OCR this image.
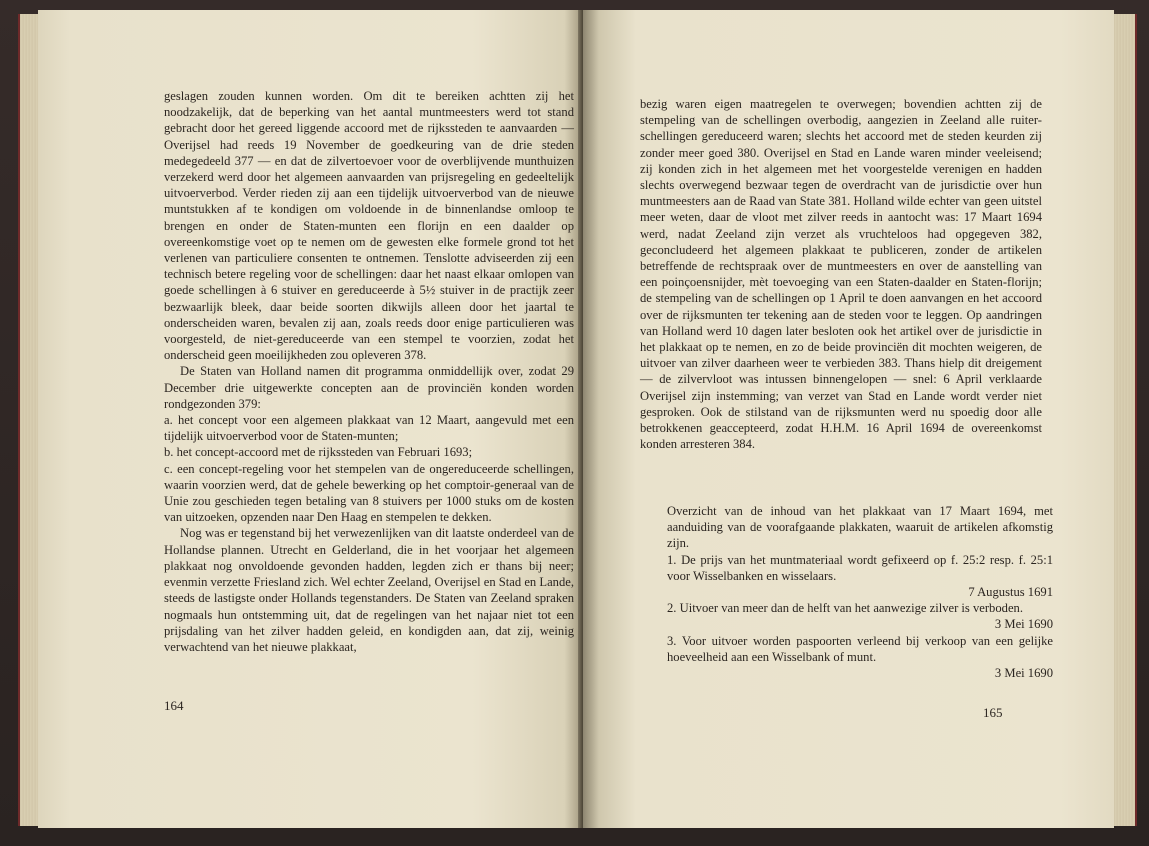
geslagen zouden kunnen worden. Om dit te bereiken achtten zij het noodzakelijk, dat de beperking van het aantal muntmeesters werd tot stand gebracht door het gereed liggende accoord met de rijkssteden te aanvaarden — Overijsel had reeds 19 November de goedkeuring van de drie steden medegedeeld 377 — en dat de zilvertoevoer voor de overblijvende munthuizen verzekerd werd door het algemeen aanvaarden van prijsregeling en gedeeltelijk uitvoerverbod. Verder rieden zij aan een tijdelijk uitvoerverbod van de nieuwe muntstukken af te kondigen om voldoende in de binnenlandse omloop te brengen en onder de Staten-munten een florijn en een daalder op overeenkomstige voet op te nemen om de gewesten elke formele grond tot het verlenen van particuliere consenten te ontnemen. Tenslotte adviseerden zij een technisch betere regeling voor de schellingen: daar het naast elkaar omlopen van goede schellingen à 6 stuiver en gereduceerde à 5½ stuiver in de practijk zeer bezwaarlijk bleek, daar beide soorten dikwijls alleen door het jaartal te onderscheiden waren, bevalen zij aan, zoals reeds door enige particulieren was voorgesteld, de niet-gereduceerde van een stempel te voorzien, zodat het onderscheid geen moeilijkheden zou opleveren 378.

De Staten van Holland namen dit programma onmiddellijk over, zodat 29 December drie uitgewerkte concepten aan de provinciën konden worden rondgezonden 379:

a. het concept voor een algemeen plakkaat van 12 Maart, aangevuld met een tijdelijk uitvoerverbod voor de Staten-munten;

b. het concept-accoord met de rijkssteden van Februari 1693;

c. een concept-regeling voor het stempelen van de ongereduceerde schellingen, waarin voorzien werd, dat de gehele bewerking op het comptoir-generaal van de Unie zou geschieden tegen betaling van 8 stuivers per 1000 stuks om de kosten van uitzoeken, opzenden naar Den Haag en stempelen te dekken.

Nog was er tegenstand bij het verwezenlijken van dit laatste onderdeel van de Hollandse plannen. Utrecht en Gelderland, die in het voorjaar het algemeen plakkaat nog onvoldoende gevonden hadden, legden zich er thans bij neer; evenmin verzette Friesland zich. Wel echter Zeeland, Overijsel en Stad en Lande, steeds de lastigste onder Hollands tegenstanders. De Staten van Zeeland spraken nogmaals hun ontstemming uit, dat de regelingen van het najaar niet tot een prijsdaling van het zilver hadden geleid, en kondigden aan, dat zij, weinig verwachtend van het nieuwe plakkaat,

164

bezig waren eigen maatregelen te overwegen; bovendien achtten zij de stempeling van de schellingen overbodig, aangezien in Zeeland alle ruiter-schellingen gereduceerd waren; slechts het accoord met de steden keurden zij zonder meer goed 380. Overijsel en Stad en Lande waren minder veeleisend; zij konden zich in het algemeen met het voorgestelde verenigen en hadden slechts overwegend bezwaar tegen de overdracht van de jurisdictie over hun muntmeesters aan de Raad van State 381. Holland wilde echter van geen uitstel meer weten, daar de vloot met zilver reeds in aantocht was: 17 Maart 1694 werd, nadat Zeeland zijn verzet als vruchteloos had opgegeven 382, geconcludeerd het algemeen plakkaat te publiceren, zonder de artikelen betreffende de rechtspraak over de muntmeesters en over de aanstelling van een poinçoensnijder, mèt toevoeging van een Staten-daalder en Staten-florijn; de stempeling van de schellingen op 1 April te doen aanvangen en het accoord over de rijksmunten ter tekening aan de steden voor te leggen. Op aandringen van Holland werd 10 dagen later besloten ook het artikel over de jurisdictie in het plakkaat op te nemen, en zo de beide provinciën dit mochten weigeren, de uitvoer van zilver daarheen weer te verbieden 383. Thans hielp dit dreigement — de zilvervloot was intussen binnengelopen — snel: 6 April verklaarde Overijsel zijn instemming; van verzet van Stad en Lande wordt verder niet gesproken. Ook de stilstand van de rijksmunten werd nu spoedig door alle betrokkenen geaccepteerd, zodat H.H.M. 16 April 1694 de overeenkomst konden arresteren 384.

Overzicht van de inhoud van het plakkaat van 17 Maart 1694, met aanduiding van de voorafgaande plakkaten, waaruit de artikelen afkomstig zijn.

1. De prijs van het muntmateriaal wordt gefixeerd op f. 25:2 resp. f. 25:1 voor Wisselbanken en wisselaars.

7 Augustus 1691

2. Uitvoer van meer dan de helft van het aanwezige zilver is verboden.

3 Mei 1690

3. Voor uitvoer worden paspoorten verleend bij verkoop van een gelijke hoeveelheid aan een Wisselbank of munt.

3 Mei 1690

165
